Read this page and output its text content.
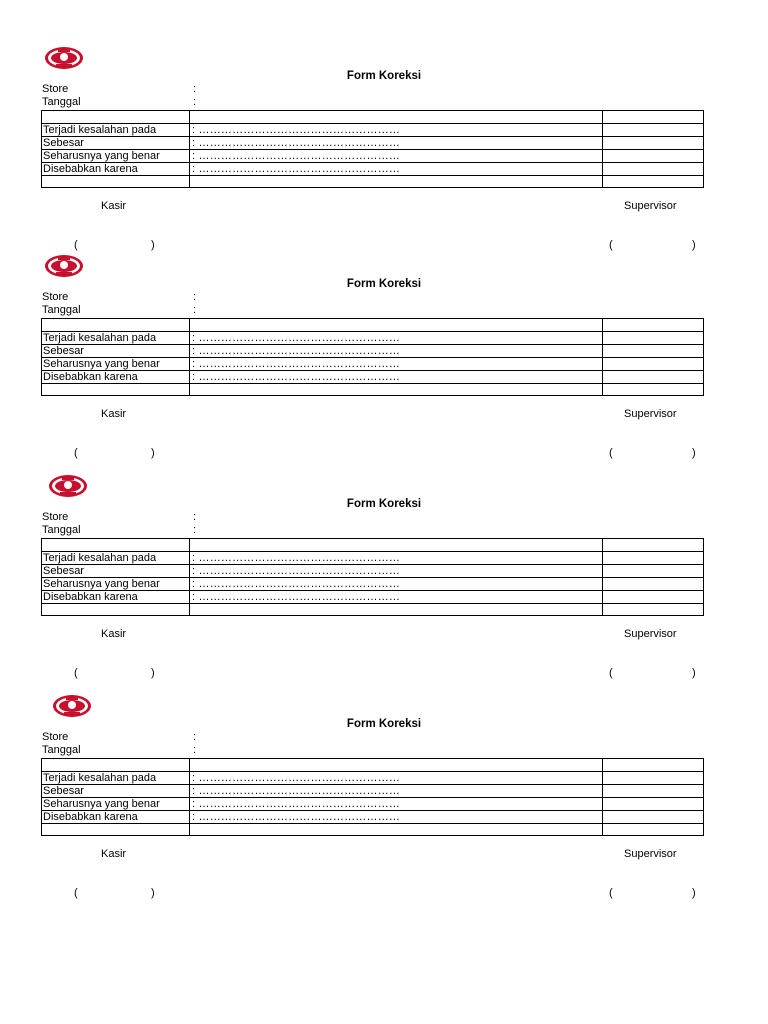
Form Koreksi
Store	:
Tanggal	:
Terjadi kesalahan pada	: ………………………………………………
Sebesar	: ………………………………………………
Seharusnya yang benar	: ………………………………………………
Disebabkan karena	: ………………………………………………
Kasir	Supervisor
(	)	(	)
Form Koreksi
Store	:
Tanggal	:
Terjadi kesalahan pada	: ………………………………………………
Sebesar	: ………………………………………………
Seharusnya yang benar	: ………………………………………………
Disebabkan karena	: ………………………………………………
Kasir	Supervisor
(	)	(	)
Form Koreksi
Store	:
Tanggal	:
Terjadi kesalahan pada	: ………………………………………………
Sebesar	: ………………………………………………
Seharusnya yang benar	: ………………………………………………
Disebabkan karena	: ………………………………………………
Kasir	Supervisor
(	)	(	)
Form Koreksi
Store	:
Tanggal	:
Terjadi kesalahan pada	: ………………………………………………
Sebesar	: ………………………………………………
Seharusnya yang benar	: ………………………………………………
Disebabkan karena	: ………………………………………………
Kasir	Supervisor
(	)	(	)
